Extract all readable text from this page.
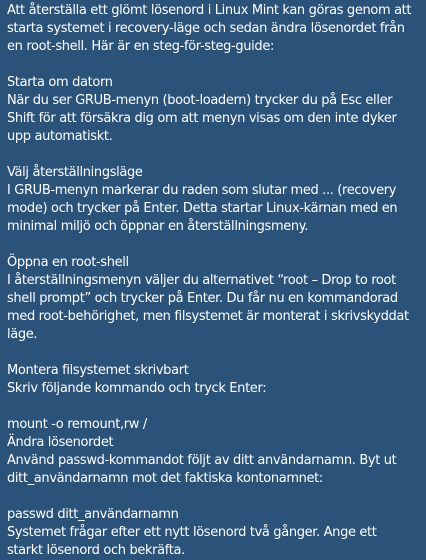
Att återställa ett glömt lösenord i Linux Mint kan göras genom att starta systemet i recovery-läge och sedan ändra lösenordet från en root-shell. Här är en steg-för-steg-guide:

Starta om datorn

När du ser GRUB-menyn (boot-loadern) trycker du på Esc eller Shift för att försäkra dig om att menyn visas om den inte dyker upp automatiskt.

Välj återställningsläge

I GRUB-menyn markerar du raden som slutar med ... (recovery mode) och trycker på Enter. Detta startar Linux-kärnan med en minimal miljö och öppnar en återställningsmeny.

Öppna en root-shell

I återställningsmenyn väljer du alternativet “root – Drop to root shell prompt” och trycker på Enter. Du får nu en kommandorad med root-behörighet, men filsystemet är monterat i skrivskyddat läge.

Montera filsystemet skrivbart

Skriv följande kommando och tryck Enter:

mount -o remount,rw /

Ändra lösenordet

Använd passwd-kommandot följt av ditt användarnamn. Byt ut ditt_användarnamn mot det faktiska kontonamnet:

passwd ditt_användarnamn

Systemet frågar efter ett nytt lösenord två gånger. Ange ett starkt lösenord och bekräfta.
